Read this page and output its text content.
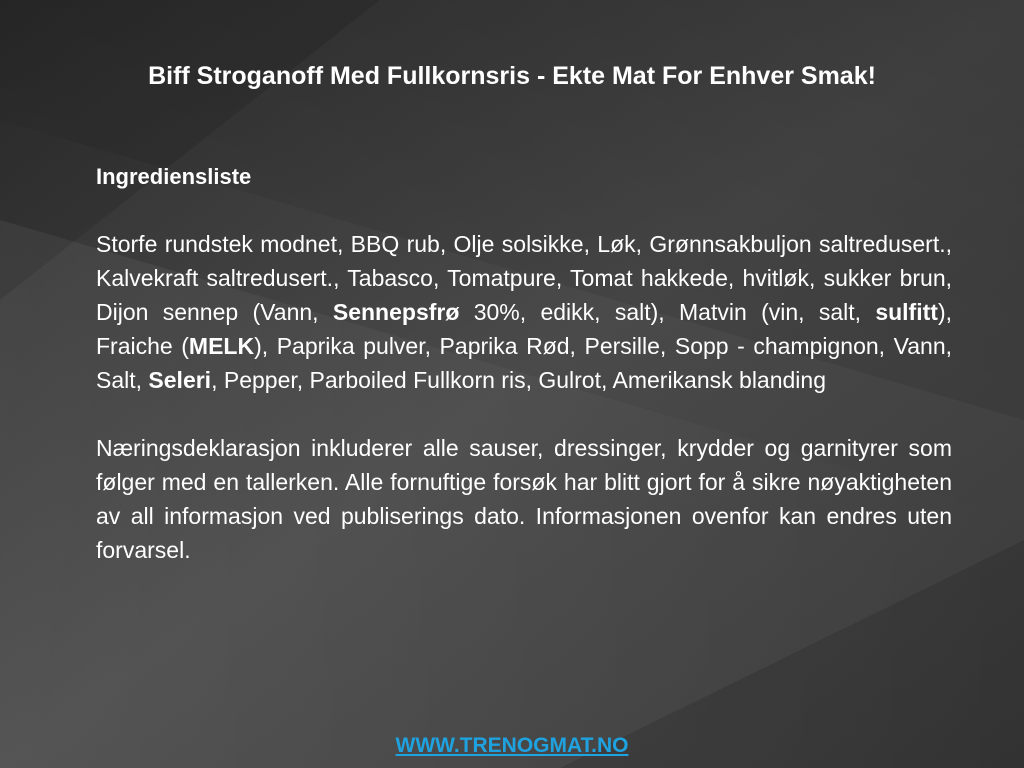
Biff Stroganoff Med Fullkornsris - Ekte Mat For Enhver Smak!

Ingrediensliste

Storfe rundstek modnet, BBQ rub, Olje solsikke, Løk, Grønnsakbuljon saltredusert., Kalvekraft saltredusert., Tabasco, Tomatpure, Tomat hakkede, hvitløk, sukker brun, Dijon sennep (Vann, Sennepsfrø 30%, edikk, salt), Matvin (vin, salt, sulfitt), Fraiche (MELK), Paprika pulver, Paprika Rød, Persille, Sopp - champignon, Vann, Salt, Seleri, Pepper, Parboiled Fullkorn ris, Gulrot, Amerikansk blanding

Næringsdeklarasjon inkluderer alle sauser, dressinger, krydder og garnityrer som følger med en tallerken. Alle fornuftige forsøk har blitt gjort for å sikre nøyaktigheten av all informasjon ved publiserings dato. Informasjonen ovenfor kan endres uten forvarsel.

WWW.TRENOGMAT.NO
